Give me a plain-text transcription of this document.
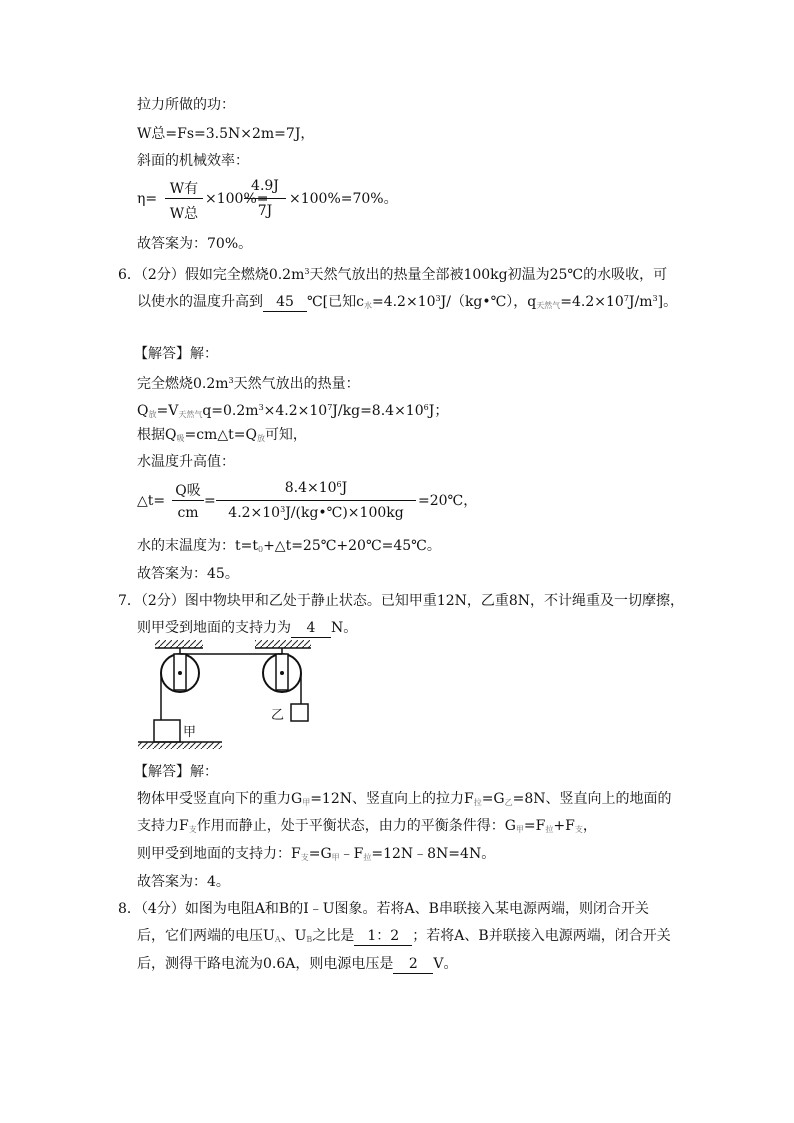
拉力所做的功：
W总=Fs=3.5N×2m=7J，
斜面的机械效率：
η=
W有
W总
×100%=
4.9J
7J
×100%=70%。
故答案为：70%。
6．（2分）假如完全燃烧$0.2m^3$天然气放出的热量全部被100kg初温为25℃的水吸收，可
以使水的温度升高到 45 ℃[已知$c_水=4.2\times 10^3J/(kg•℃)$，$q_{天然气}=4.2\times 10^7J/m^3$]。
【解答】解：
完全燃烧$0.2m^3$天然气放出的热量：
$Q_放=V_{天然气}q=0.2m^3\times 4.2\times 10^7J/kg=8.4\times 10^6J$；
根据$Q_吸=cm\triangle t=Q_放$可知，
水温度升高值：
△t=
Q吸
cm
=
$8.4\times 10^6J$
$4.2\times 10^3J/(kg•℃)\times 100kg$
=20℃，
水的末温度为：$t=t_0+\triangle t=25℃+20℃=45℃$。
故答案为：45。
7．（2分）图中物块甲和乙处于静止状态。已知甲重12N，乙重8N，不计绳重及一切摩擦，
则甲受到地面的支持力为 4 N。
甲
乙
【解答】解：
物体甲受竖直向下的重力$G_甲=12N$、竖直向上的拉力$F_拉=G_乙=8N$、竖直向上的地面的
支持力$F_支$作用而静止，处于平衡状态，由力的平衡条件得：$G_甲=F_拉+F_支$，
则甲受到地面的支持力：$F_支=G_甲﹣F_拉=12N﹣8N=4N$。
故答案为：4。
8．（4分）如图为电阻A和B的I﹣U图象。若将A、B串联接入某电源两端，则闭合开关
后，它们两端的电压$U_A$、$U_B$之比是 1：2 ；若将A、B并联接入电源两端，闭合开关
后，测得干路电流为0.6A，则电源电压是 2 V。
